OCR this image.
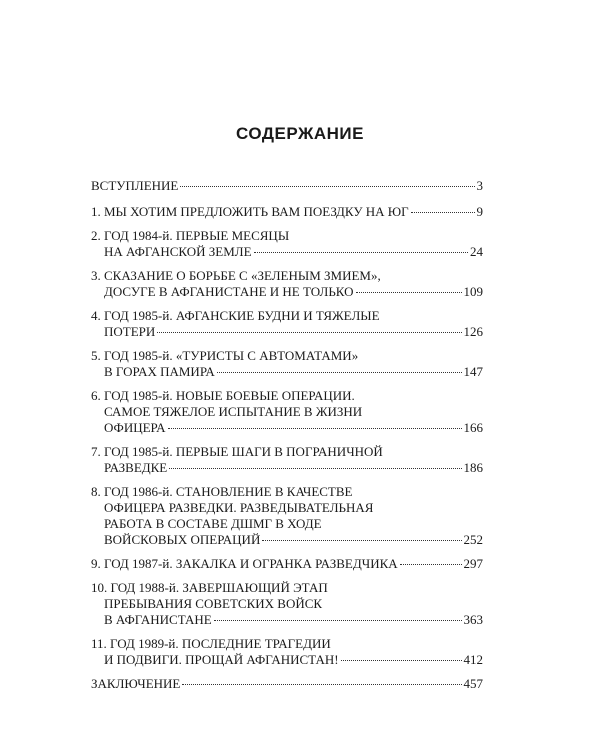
СОДЕРЖАНИЕ
ВСТУПЛЕНИЕ	3
1. МЫ ХОТИМ ПРЕДЛОЖИТЬ ВАМ ПОЕЗДКУ НА ЮГ	9
2. ГОД 1984-й. ПЕРВЫЕ МЕСЯЦЫ
НА АФГАНСКОЙ ЗЕМЛЕ	24
3. СКАЗАНИЕ О БОРЬБЕ С «ЗЕЛЕНЫМ ЗМИЕМ»,
ДОСУГЕ В АФГАНИСТАНЕ И НЕ ТОЛЬКО	109
4. ГОД 1985-й. АФГАНСКИЕ БУДНИ И ТЯЖЕЛЫЕ
ПОТЕРИ	126
5. ГОД 1985-й. «ТУРИСТЫ С АВТОМАТАМИ»
В ГОРАХ ПАМИРА	147
6. ГОД 1985-й. НОВЫЕ БОЕВЫЕ ОПЕРАЦИИ.
САМОЕ ТЯЖЕЛОЕ ИСПЫТАНИЕ В ЖИЗНИ
ОФИЦЕРА	166
7. ГОД 1985-й. ПЕРВЫЕ ШАГИ В ПОГРАНИЧНОЙ
РАЗВЕДКЕ	186
8. ГОД 1986-й. СТАНОВЛЕНИЕ В КАЧЕСТВЕ
ОФИЦЕРА РАЗВЕДКИ. РАЗВЕДЫВАТЕЛЬНАЯ
РАБОТА В СОСТАВЕ ДШМГ В ХОДЕ
ВОЙСКОВЫХ ОПЕРАЦИЙ	252
9. ГОД 1987-й. ЗАКАЛКА И ОГРАНКА РАЗВЕДЧИКА	297
10. ГОД 1988-й. ЗАВЕРШАЮЩИЙ ЭТАП
ПРЕБЫВАНИЯ СОВЕТСКИХ ВОЙСК
В АФГАНИСТАНЕ	363
11. ГОД 1989-й. ПОСЛЕДНИЕ ТРАГЕДИИ
И ПОДВИГИ. ПРОЩАЙ АФГАНИСТАН!	412
ЗАКЛЮЧЕНИЕ	457
